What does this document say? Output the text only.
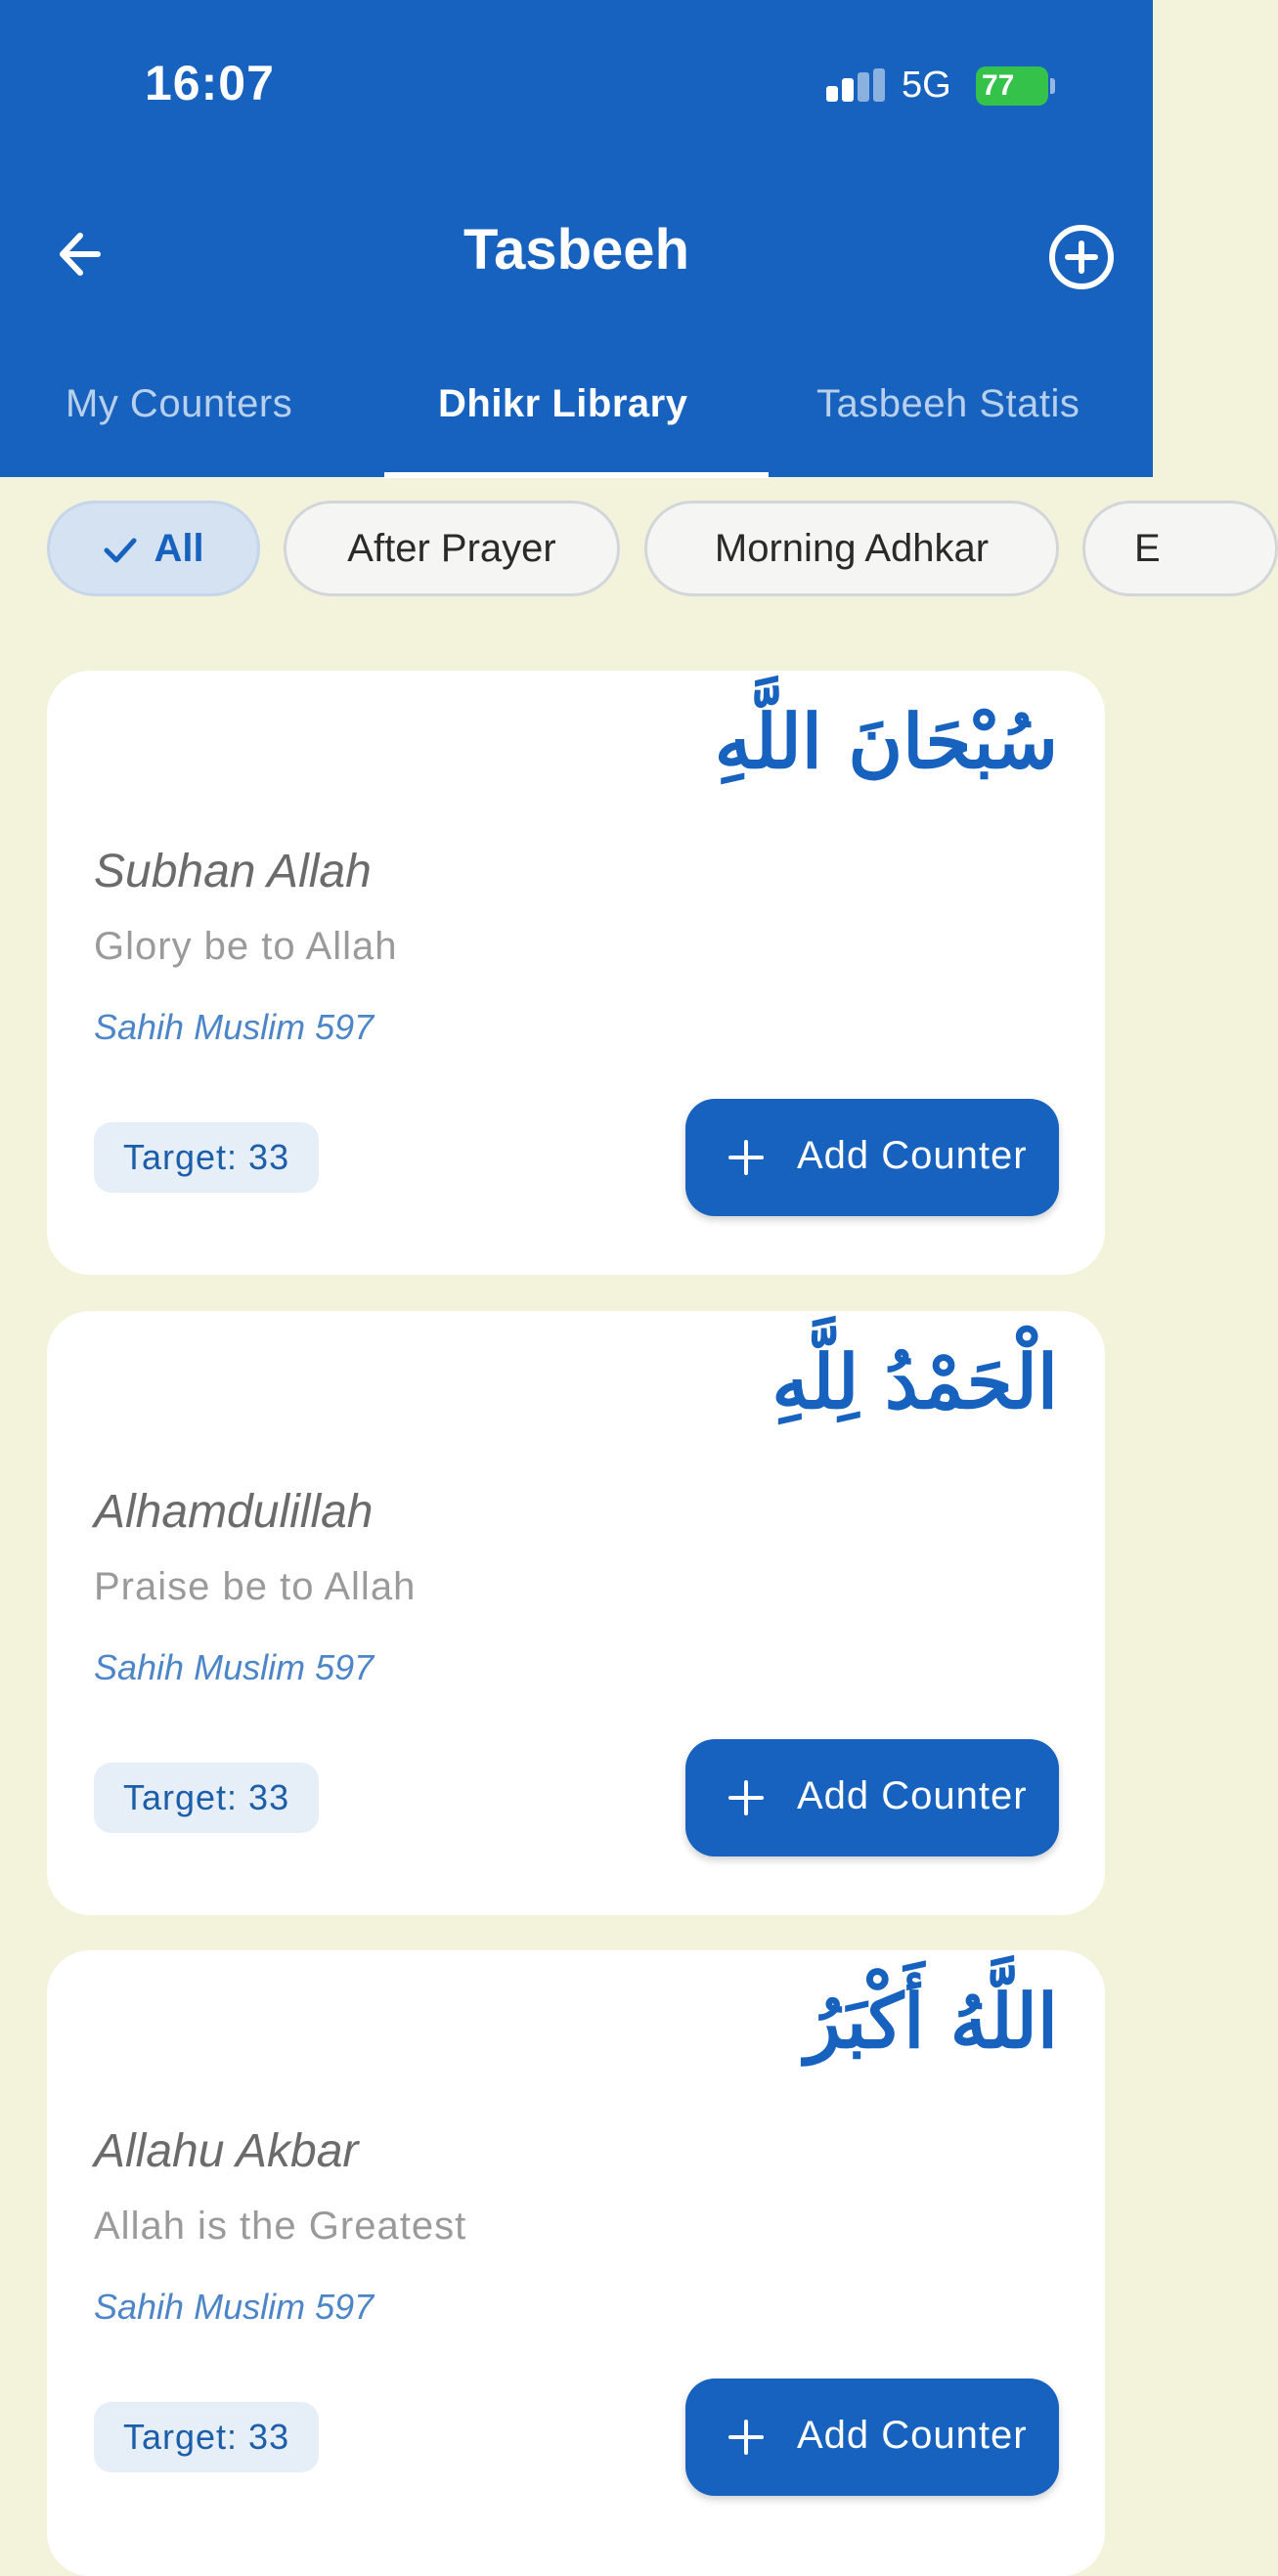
16:07	5G 77
Tasbeeh
My Counters	Dhikr Library	Tasbeeh Statis
All	After Prayer	Morning Adhkar	E
سُبْحَانَ اللَّهِ
Subhan Allah
Glory be to Allah
Sahih Muslim 597
Target: 33	Add Counter
الْحَمْدُ لِلَّهِ
Alhamdulillah
Praise be to Allah
Sahih Muslim 597
Target: 33	Add Counter
اللَّهُ أَكْبَرُ
Allahu Akbar
Allah is the Greatest
Sahih Muslim 597
Target: 33	Add Counter
